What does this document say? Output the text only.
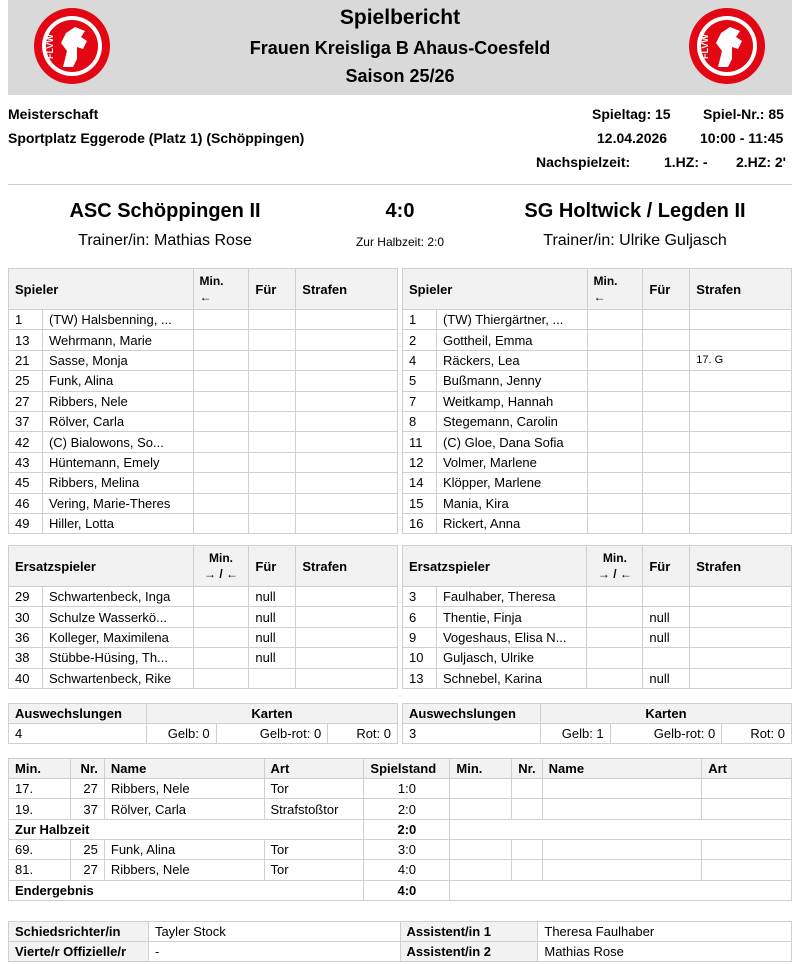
FLVW
Spielbericht
Frauen Kreisliga B Ahaus-Coesfeld
Saison 25/26
FLVW
Meisterschaft
Sportplatz Eggerode (Platz 1) (Schöppingen)
Spieltag: 15 Spiel-Nr.: 85
12.04.2026 10:00 - 11:45
Nachspielzeit: 1.HZ: - 2.HZ: 2'
ASC Schöppingen II	4:0	SG Holtwick / Legden II
Trainer/in: Mathias Rose	Zur Halbzeit: 2:0	Trainer/in: Ulrike Guljasch
Spieler		Min.
←	Für	Strafen
1	(TW) Halsbenning, ...			
13	Wehrmann, Marie			
21	Sasse, Monja			
25	Funk, Alina			
27	Ribbers, Nele			
37	Rölver, Carla			
42	(C) Bialowons, So...			
43	Hüntemann, Emely			
45	Ribbers, Melina			
46	Vering, Marie-Theres			
49	Hiller, Lotta			
Spieler		Min.
←	Für	Strafen
1	(TW) Thiergärtner, ...			
2	Gottheil, Emma			
4	Räckers, Lea			17. G
5	Bußmann, Jenny			
7	Weitkamp, Hannah			
8	Stegemann, Carolin			
11	(C) Gloe, Dana Sofia			
12	Volmer, Marlene			
14	Klöpper, Marlene			
15	Mania, Kira			
16	Rickert, Anna			
Ersatzspieler		Min.
→ / ←	Für	Strafen
29	Schwartenbeck, Inga		null	
30	Schulze Wasserkö...		null	
36	Kolleger, Maximilena		null	
38	Stübbe-Hüsing, Th...		null	
40	Schwartenbeck, Rike			
Ersatzspieler		Min.
→ / ←	Für	Strafen
3	Faulhaber, Theresa			
6	Thentie, Finja		null	
9	Vogeshaus, Elisa N...		null	
10	Guljasch, Ulrike			
13	Schnebel, Karina		null	
Auswechslungen	Karten		
4	Gelb: 0	Gelb-rot: 0	Rot: 0
Auswechslungen	Karten		
3	Gelb: 1	Gelb-rot: 0	Rot: 0
Min.	Nr.	Name	Art	Spielstand	Min.	Nr.	Name	Art
17.	27	Ribbers, Nele	Tor	1:0				
19.	37	Rölver, Carla	Strafstoßtor	2:0				
Zur Halbzeit				2:0				
69.	25	Funk, Alina	Tor	3:0				
81.	27	Ribbers, Nele	Tor	4:0				
Endergebnis				4:0				
Schiedsrichter/in	Tayler Stock	Assistent/in 1	Theresa Faulhaber
Vierte/r Offizielle/r	-	Assistent/in 2	Mathias Rose
